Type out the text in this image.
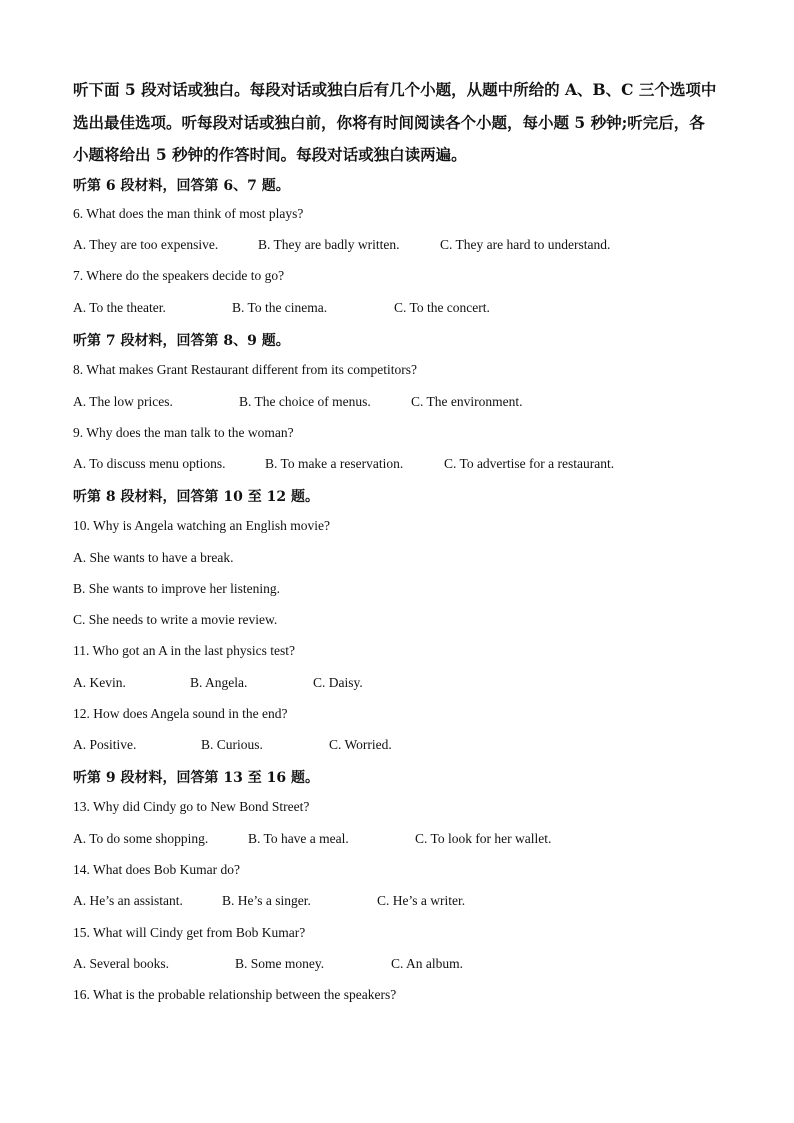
听下面 5 段对话或独白。每段对话或独白后有几个小题，从题中所给的 A、B、C 三个选项中
选出最佳选项。听每段对话或独白前，你将有时间阅读各个小题，每小题 5 秒钟;听完后，各
小题将给出 5 秒钟的作答时间。每段对话或独白读两遍。
听第 6 段材料，回答第 6、7 题。
6. What does the man think of most plays?
A. They are too expensive.	B. They are badly written.	C. They are hard to understand.
7. Where do the speakers decide to go?
A. To the theater.	B. To the cinema.	C. To the concert.
听第 7 段材料，回答第 8、9 题。
8. What makes Grant Restaurant different from its competitors?
A. The low prices.	B. The choice of menus.	C. The environment.
9. Why does the man talk to the woman?
A. To discuss menu options.	B. To make a reservation.	C. To advertise for a restaurant.
听第 8 段材料，回答第 10 至 12 题。
10. Why is Angela watching an English movie?
A. She wants to have a break.
B. She wants to improve her listening.
C. She needs to write a movie review.
11. Who got an A in the last physics test?
A. Kevin.	B. Angela.	C. Daisy.
12. How does Angela sound in the end?
A. Positive.	B. Curious.	C. Worried.
听第 9 段材料，回答第 13 至 16 题。
13. Why did Cindy go to New Bond Street?
A. To do some shopping.	B. To have a meal.	C. To look for her wallet.
14. What does Bob Kumar do?
A. He’s an assistant.	B. He’s a singer.	C. He’s a writer.
15. What will Cindy get from Bob Kumar?
A. Several books.	B. Some money.	C. An album.
16. What is the probable relationship between the speakers?
